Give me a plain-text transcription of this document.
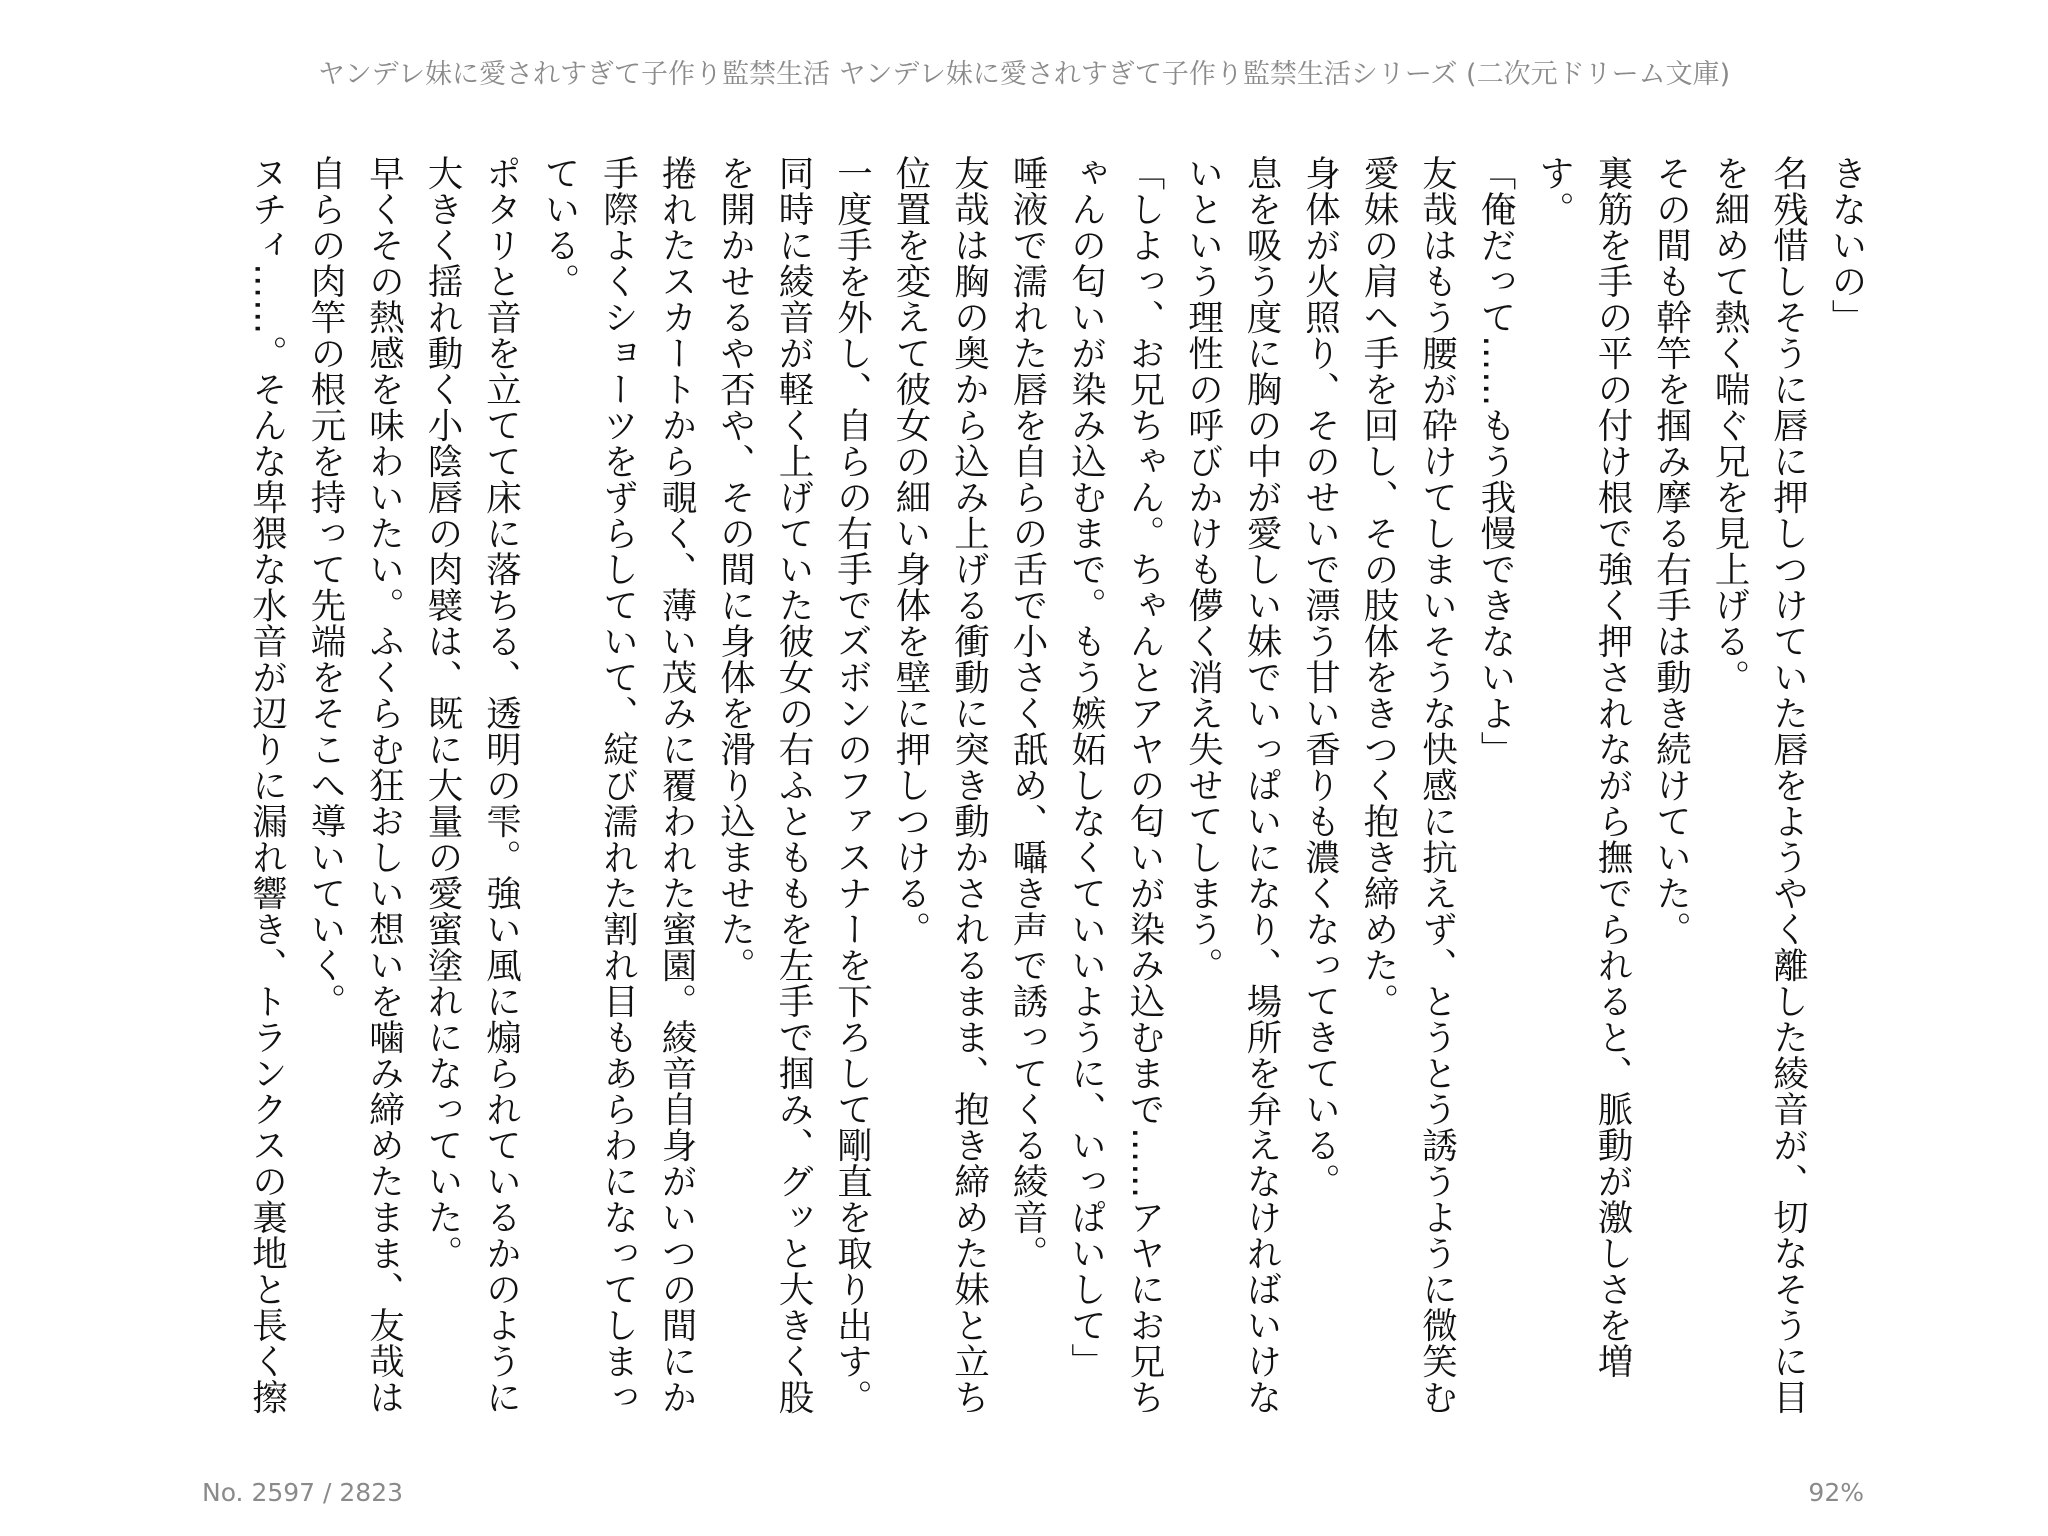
ヤンデレ妹に愛されすぎて子作り監禁生活 ヤンデレ妹に愛されすぎて子作り監禁生活シリーズ (二次元ドリーム文庫)

きないの」

名残惜しそうに唇に押しつけていた唇をようやく離した綾音が、切なそうに目を細めて熱く喘ぐ兄を見上げる。

その間も幹竿を掴み摩る右手は動き続けていた。

裏筋を手の平の付け根で強く押されながら撫でられると、脈動が激しさを増す。

「俺だって……もう我慢できないよ」

友哉はもう腰が砕けてしまいそうな快感に抗えず、とうとう誘うように微笑む愛妹の肩へ手を回し、その肢体をきつく抱き締めた。

身体が火照り、そのせいで漂う甘い香りも濃くなってきている。

息を吸う度に胸の中が愛しい妹でいっぱいになり、場所を弁えなければいけないという理性の呼びかけも儚く消え失せてしまう。

「しよっ、お兄ちゃん。ちゃんとアヤの匂いが染み込むまで……アヤにお兄ちゃんの匂いが染み込むまで。もう嫉妬しなくていいように、いっぱいして」

唾液で濡れた唇を自らの舌で小さく舐め、囁き声で誘ってくる綾音。

友哉は胸の奥から込み上げる衝動に突き動かされるまま、抱き締めた妹と立ち位置を変えて彼女の細い身体を壁に押しつける。

一度手を外し、自らの右手でズボンのファスナーを下ろして剛直を取り出す。同時に綾音が軽く上げていた彼女の右ふとももを左手で掴み、グッと大きく股を開かせるや否や、その間に身体を滑り込ませた。

捲れたスカートから覗く、薄い茂みに覆われた蜜園。綾音自身がいつの間にか手際よくショーツをずらしていて、綻び濡れた割れ目もあらわになってしまっている。

ポタリと音を立てて床に落ちる、透明の雫。強い風に煽られているかのように大きく揺れ動く小陰唇の肉襞は、既に大量の愛蜜塗れになっていた。

早くその熱感を味わいたい。ふくらむ狂おしい想いを噛み締めたまま、友哉は自らの肉竿の根元を持って先端をそこへ導いていく。

ヌチィ……。そんな卑猥な水音が辺りに漏れ響き、トランクスの裏地と長く擦

No. 2597 / 2823	92%
